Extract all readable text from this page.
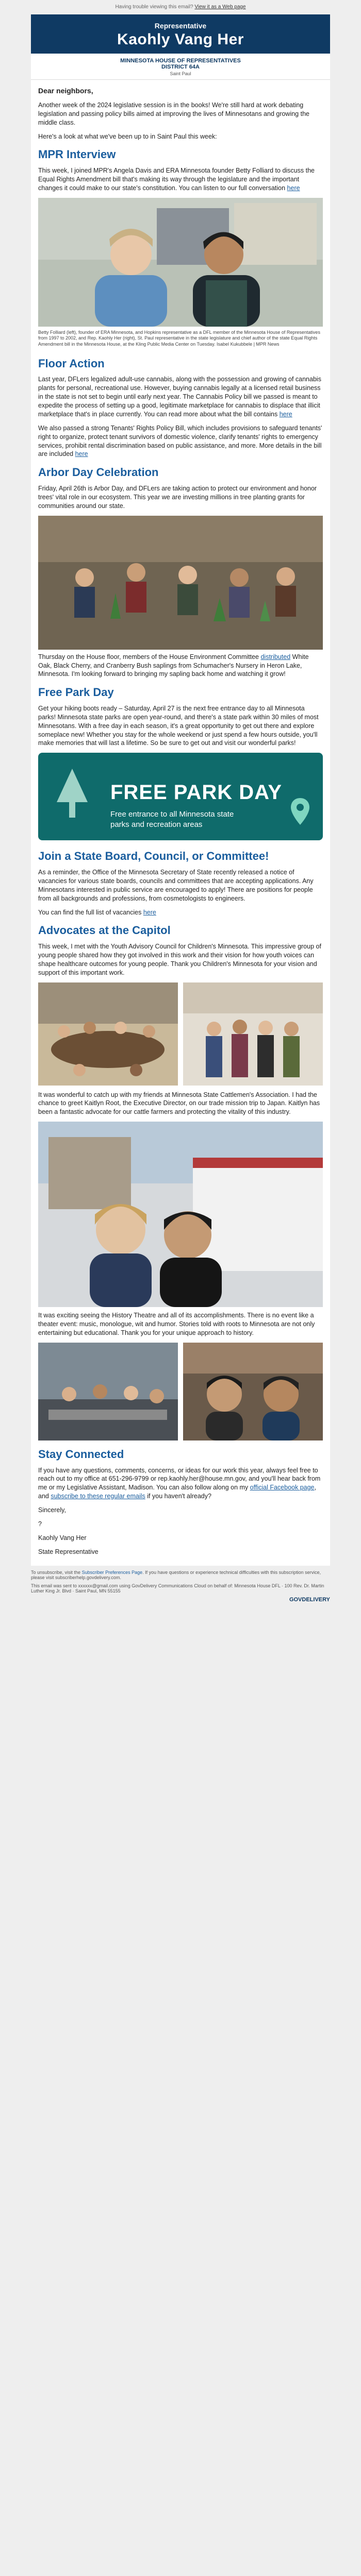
Having trouble viewing this email? View it as a Web page
Representative
Kaohly Vang Her
MINNESOTA HOUSE OF REPRESENTATIVES
DISTRICT 64A
Saint Paul

Dear neighbors,

Another week of the 2024 legislative session is in the books! We're still hard at work debating legislation and passing policy bills aimed at improving the lives of Minnesotans and growing the middle class.

Here's a look at what we've been up to in Saint Paul this week:

MPR Interview

This week, I joined MPR's Angela Davis and ERA Minnesota founder Betty Folliard to discuss the Equal Rights Amendment bill that's making its way through the legislature and the important changes it could make to our state's constitution. You can listen to our full conversation here

Betty Folliard (left), founder of ERA Minnesota, and Hopkins representative as a DFL member of the Minnesota House of Representatives from 1997 to 2002, and Rep. Kaohly Her (right), St. Paul representative in the state legislature and chief author of the state Equal Rights Amendment bill in the Minnesota House, at the Kling Public Media Center on Tuesday. Isabel Kukubbele | MPR News
Floor Action

Last year, DFLers legalized adult-use cannabis, along with the possession and growing of cannabis plants for personal, recreational use. However, buying cannabis legally at a licensed retail business in the state is not set to begin until early next year. The Cannabis Policy bill we passed is meant to expedite the process of setting up a good, legitimate marketplace for cannabis to displace that illicit marketplace that's in place currently. You can read more about what the bill contains here

We also passed a strong Tenants' Rights Policy Bill, which includes provisions to safeguard tenants' right to organize, protect tenant survivors of domestic violence, clarify tenants' rights to emergency services, prohibit rental discrimination based on public assistance, and more. More details in the bill are included here

Arbor Day Celebration

Friday, April 26th is Arbor Day, and DFLers are taking action to protect our environment and honor trees' vital role in our ecosystem. This year we are investing millions in tree planting grants for communities around our state.

Thursday on the House floor, members of the House Environment Committee distributed White Oak, Black Cherry, and Cranberry Bush saplings from Schumacher's Nursery in Heron Lake, Minnesota. I'm looking forward to bringing my sapling back home and watching it grow!

Free Park Day

Get your hiking boots ready – Saturday, April 27 is the next free entrance day to all Minnesota parks! Minnesota state parks are open year-round, and there's a state park within 30 miles of most Minnesotans. With a free day in each season, it's a great opportunity to get out there and explore someplace new! Whether you stay for the whole weekend or just spend a few hours outside, you'll make memories that will last a lifetime. So be sure to get out and visit our wonderful parks!

FREE PARK DAY
Free entrance to all Minnesota state parks and recreation areas
Join a State Board, Council, or Committee!

As a reminder, the Office of the Minnesota Secretary of State recently released a notice of vacancies for various state boards, councils and committees that are accepting applications. Any Minnesotans interested in public service are encouraged to apply! There are positions for people from all backgrounds and professions, from cosmetologists to engineers.

You can find the full list of vacancies here

Advocates at the Capitol

This week, I met with the Youth Advisory Council for Children's Minnesota. This impressive group of young people shared how they got involved in this work and their vision for how youth voices can shape healthcare outcomes for young people. Thank you Children's Minnesota for your vision and support of this important work.

It was wonderful to catch up with my friends at Minnesota State Cattlemen's Association. I had the chance to greet Kaitlyn Root, the Executive Director, on our trade mission trip to Japan. Kaitlyn has been a fantastic advocate for our cattle farmers and protecting the vitality of this industry.

It was exciting seeing the History Theatre and all of its accomplishments. There is no event like a theater event: music, monologue, wit and humor. Stories told with roots to Minnesota are not only entertaining but educational. Thank you for your unique approach to history.

Stay Connected

If you have any questions, comments, concerns, or ideas for our work this year, always feel free to reach out to my office at 651-296-9799 or rep.kaohly.her@house.mn.gov, and you'll hear back from me or my Legislative Assistant, Madison. You can also follow along on my official Facebook page, and subscribe to these regular emails if you haven't already?

Sincerely,

?

Kaohly Vang Her

State Representative

To unsubscribe, visit the Subscriber Preferences Page. If you have questions or experience technical difficulties with this subscription service, please visit subscriberhelp.govdelivery.com.
This email was sent to xxxxxx@gmail.com using GovDelivery Communications Cloud on behalf of: Minnesota House DFL · 100 Rev. Dr. Martin Luther King Jr. Blvd · Saint Paul, MN 55155
GOVDELIVERY
